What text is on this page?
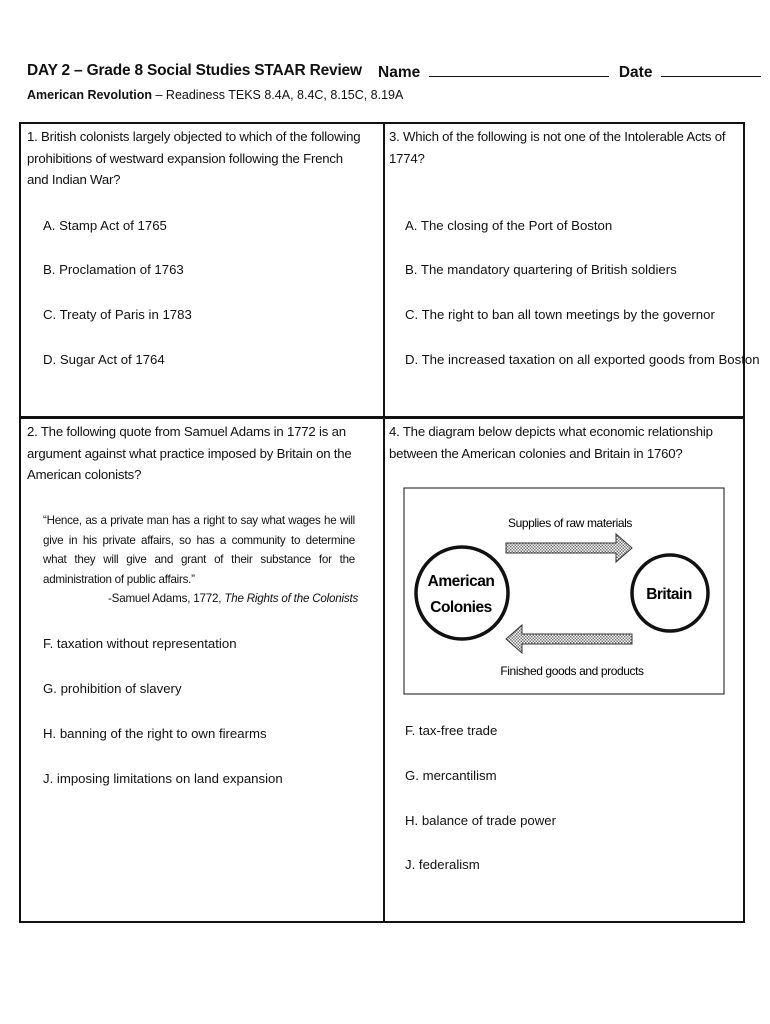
DAY 2 – Grade 8 Social Studies STAAR Review Name	Date
American Revolution – Readiness TEKS 8.4A, 8.4C, 8.15C, 8.19A

1. British colonists largely objected to which of the following prohibitions of westward expansion following the French and Indian War?

A. Stamp Act of 1765
B. Proclamation of 1763
C. Treaty of Paris in 1783
D. Sugar Act of 1764

3. Which of the following is not one of the Intolerable Acts of 1774?

A. The closing of the Port of Boston
B. The mandatory quartering of British soldiers
C. The right to ban all town meetings by the governor
D. The increased taxation on all exported goods from Boston

2. The following quote from Samuel Adams in 1772 is an argument against what practice imposed by Britain on the American colonists?

“Hence, as a private man has a right to say what wages he will give in his private affairs, so has a community to determine what they will give and grant of their substance for the administration of public affairs.”
-Samuel Adams, 1772, The Rights of the Colonists
F. taxation without representation
G. prohibition of slavery
H. banning of the right to own firearms
J. imposing limitations on land expansion

4. The diagram below depicts what economic relationship between the American colonies and Britain in 1760?

American
Colonies
Britain
Supplies of raw materials
Finished goods and products
F. tax-free trade
G. mercantilism
H. balance of trade power
J. federalism
